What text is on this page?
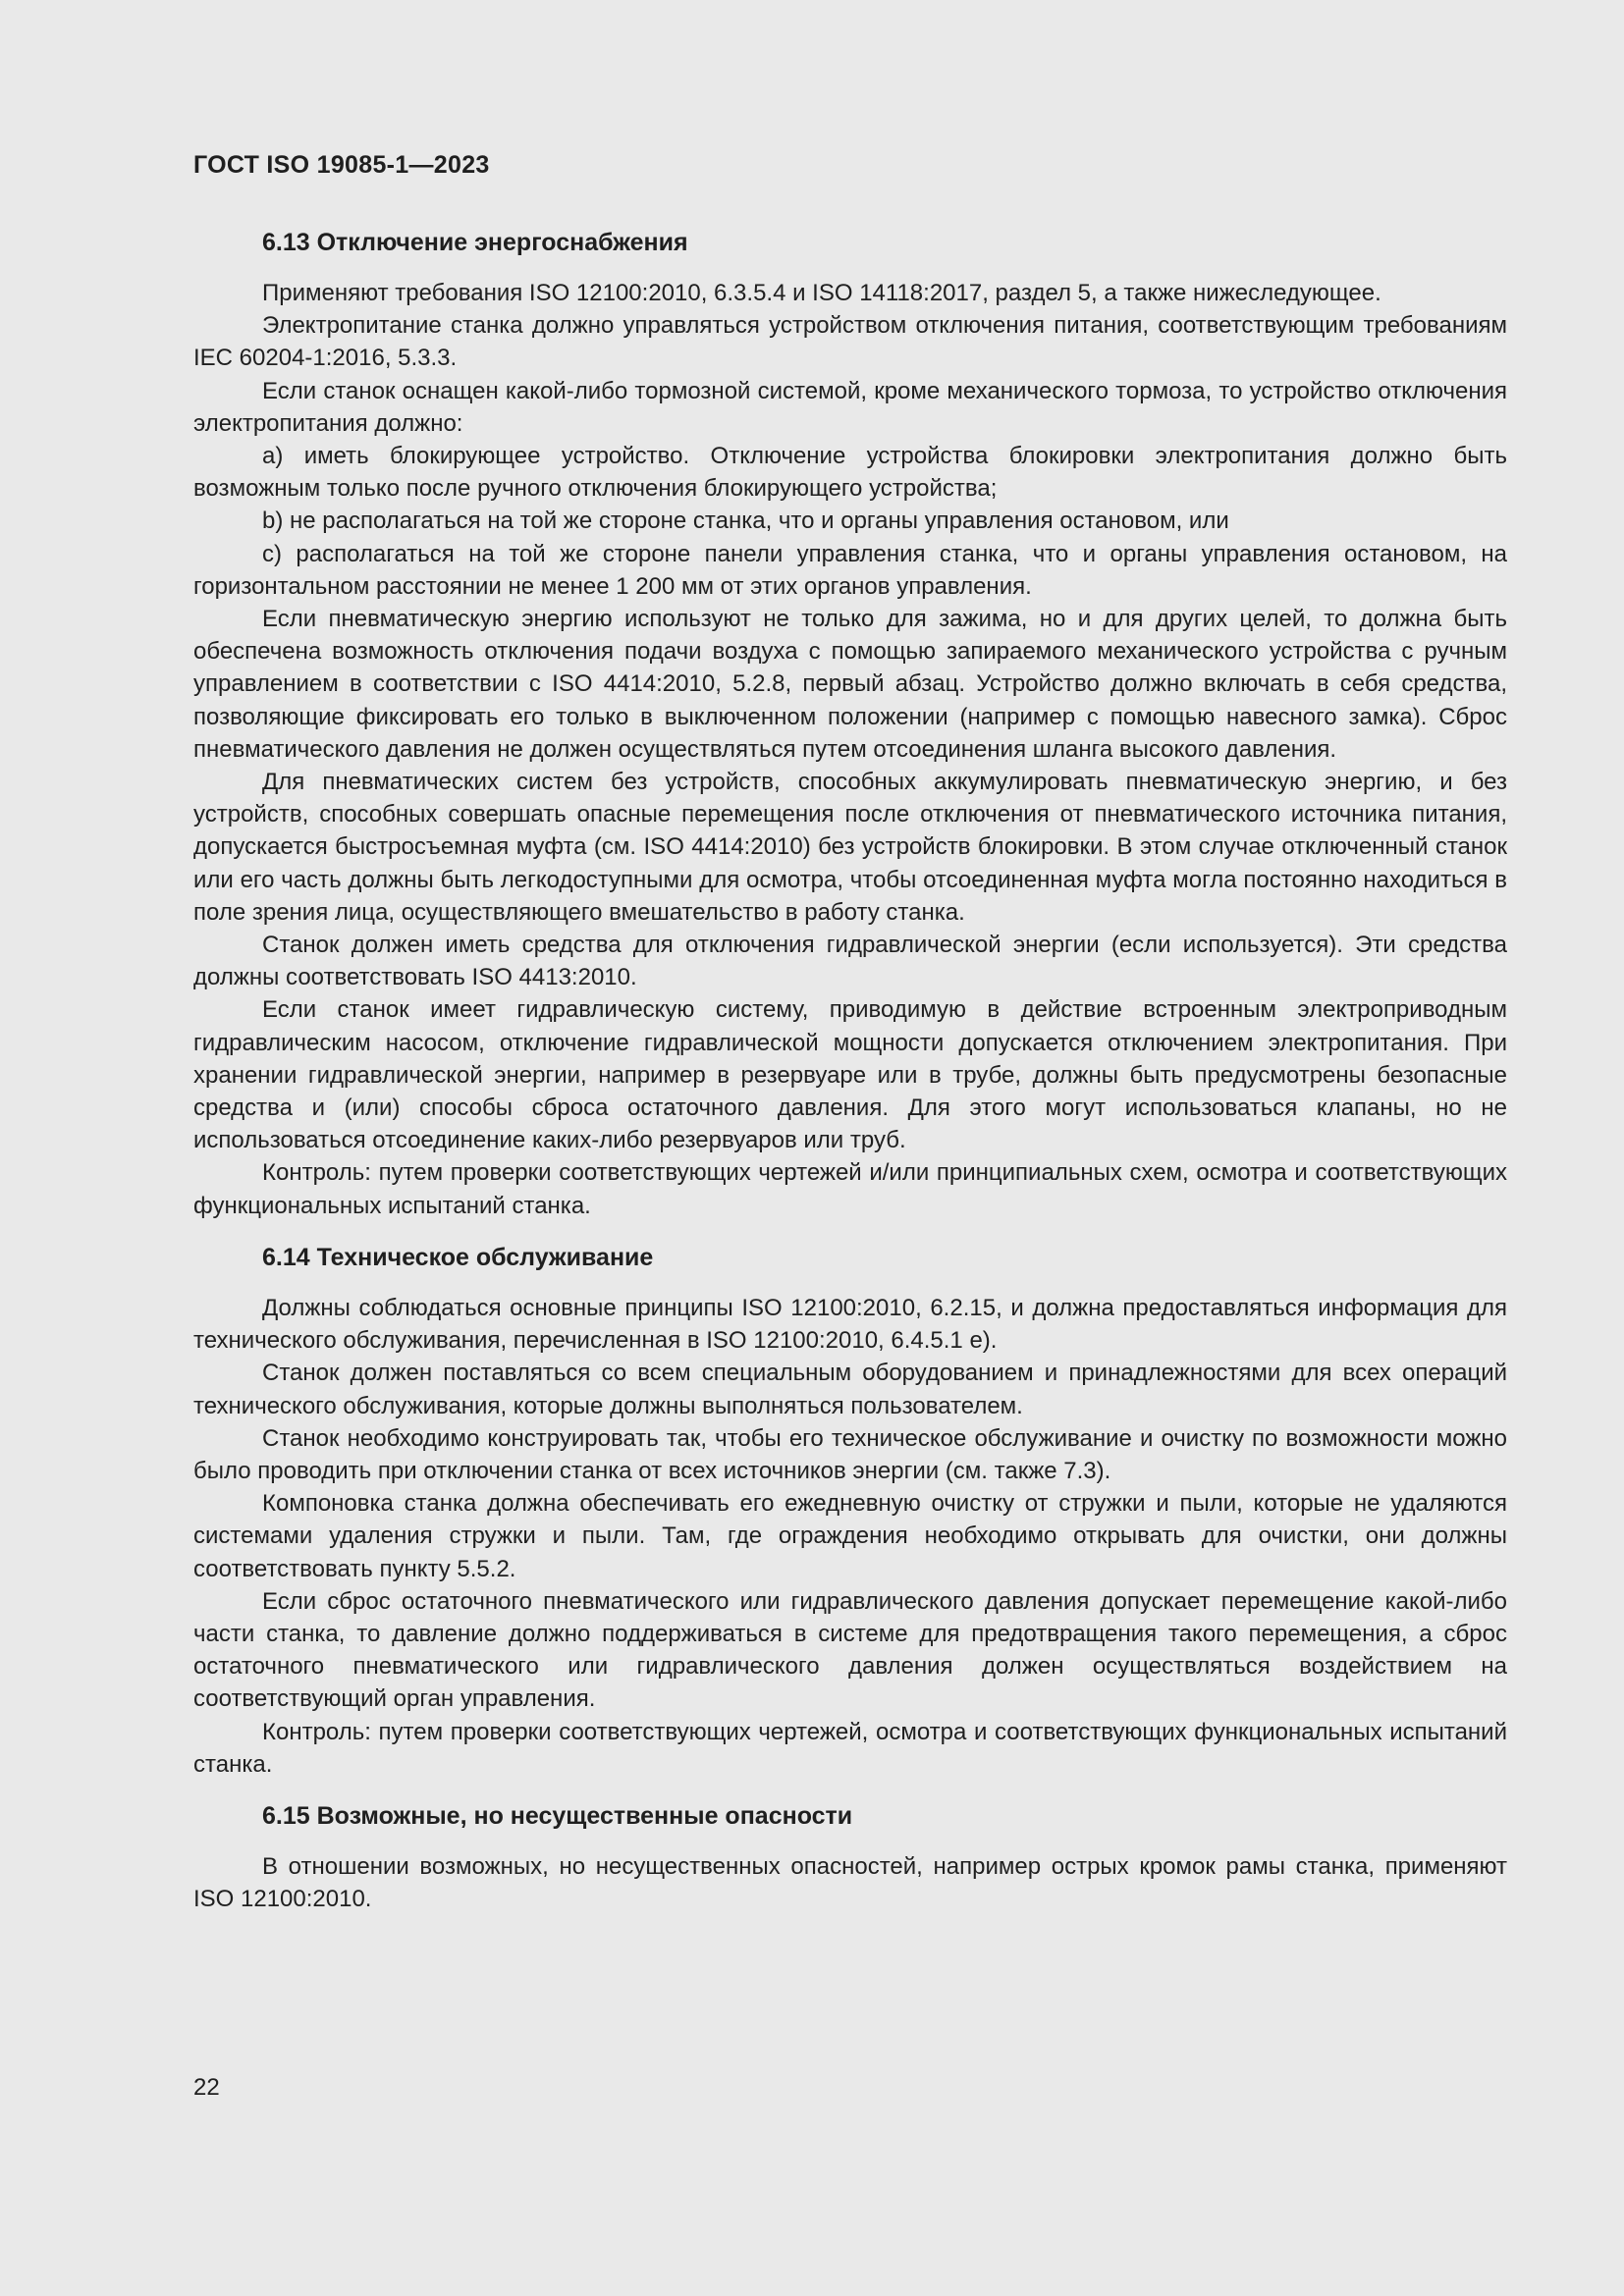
ГОСТ ISO 19085-1—2023
6.13 Отключение энергоснабжения

Применяют требования ISO 12100:2010, 6.3.5.4 и ISO 14118:2017, раздел 5, а также нижеследующее.

Электропитание станка должно управляться устройством отключения питания, соответствующим требованиям IEC 60204-1:2016, 5.3.3.

Если станок оснащен какой-либо тормозной системой, кроме механического тормоза, то устройство отключения электропитания должно:

a) иметь блокирующее устройство. Отключение устройства блокировки электропитания должно быть возможным только после ручного отключения блокирующего устройства;

b) не располагаться на той же стороне станка, что и органы управления остановом, или

c) располагаться на той же стороне панели управления станка, что и органы управления остановом, на горизонтальном расстоянии не менее 1 200 мм от этих органов управления.

Если пневматическую энергию используют не только для зажима, но и для других целей, то должна быть обеспечена возможность отключения подачи воздуха с помощью запираемого механического устройства с ручным управлением в соответствии с ISO 4414:2010, 5.2.8, первый абзац. Устройство должно включать в себя средства, позволяющие фиксировать его только в выключенном положении (например с помощью навесного замка). Сброс пневматического давления не должен осуществляться путем отсоединения шланга высокого давления.

Для пневматических систем без устройств, способных аккумулировать пневматическую энергию, и без устройств, способных совершать опасные перемещения после отключения от пневматического источника питания, допускается быстросъемная муфта (см. ISO 4414:2010) без устройств блокировки. В этом случае отключенный станок или его часть должны быть легкодоступными для осмотра, чтобы отсоединенная муфта могла постоянно находиться в поле зрения лица, осуществляющего вмешательство в работу станка.

Станок должен иметь средства для отключения гидравлической энергии (если используется). Эти средства должны соответствовать ISO 4413:2010.

Если станок имеет гидравлическую систему, приводимую в действие встроенным электроприводным гидравлическим насосом, отключение гидравлической мощности допускается отключением электропитания. При хранении гидравлической энергии, например в резервуаре или в трубе, должны быть предусмотрены безопасные средства и (или) способы сброса остаточного давления. Для этого могут использоваться клапаны, но не использоваться отсоединение каких-либо резервуаров или труб.

Контроль: путем проверки соответствующих чертежей и/или принципиальных схем, осмотра и соответствующих функциональных испытаний станка.

6.14 Техническое обслуживание

Должны соблюдаться основные принципы ISO 12100:2010, 6.2.15, и должна предоставляться информация для технического обслуживания, перечисленная в ISO 12100:2010, 6.4.5.1 е).

Станок должен поставляться со всем специальным оборудованием и принадлежностями для всех операций технического обслуживания, которые должны выполняться пользователем.

Станок необходимо конструировать так, чтобы его техническое обслуживание и очистку по возможности можно было проводить при отключении станка от всех источников энергии (см. также 7.3).

Компоновка станка должна обеспечивать его ежедневную очистку от стружки и пыли, которые не удаляются системами удаления стружки и пыли. Там, где ограждения необходимо открывать для очистки, они должны соответствовать пункту 5.5.2.

Если сброс остаточного пневматического или гидравлического давления допускает перемещение какой-либо части станка, то давление должно поддерживаться в системе для предотвращения такого перемещения, а сброс остаточного пневматического или гидравлического давления должен осуществляться воздействием на соответствующий орган управления.

Контроль: путем проверки соответствующих чертежей, осмотра и соответствующих функциональных испытаний станка.

6.15 Возможные, но несущественные опасности

В отношении возможных, но несущественных опасностей, например острых кромок рамы станка, применяют ISO 12100:2010.

22
